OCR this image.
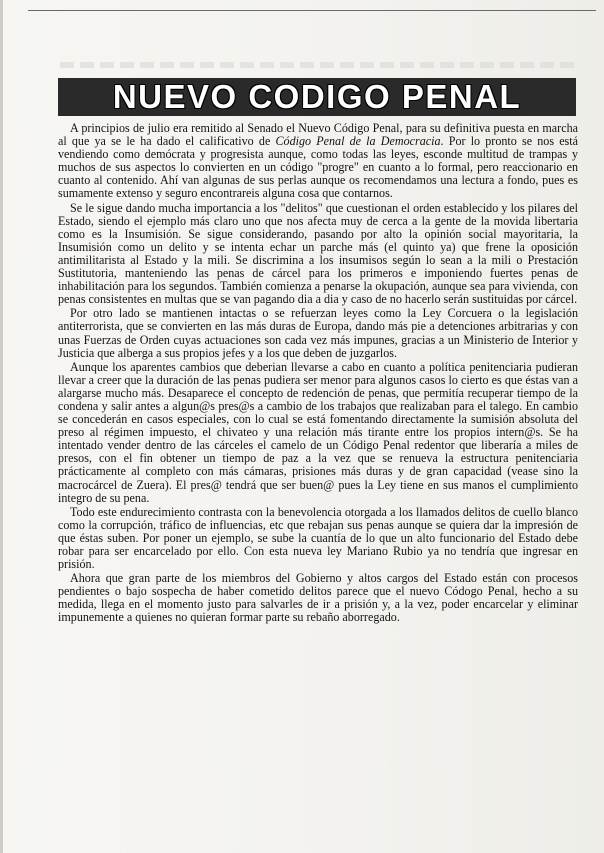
NUEVO CODIGO PENAL

A principios de julio era remitido al Senado el Nuevo Código Penal, para su definitiva puesta en marcha al que ya se le ha dado el calificativo de Código Penal de la Democracia. Por lo pronto se nos está vendiendo como demócrata y progresista aunque, como todas las leyes, esconde multitud de trampas y muchos de sus aspectos lo convierten en un código "progre" en cuanto a lo formal, pero reaccionario en cuanto al contenido. Ahí van algunas de sus perlas aunque os recomendamos una lectura a fondo, pues es sumamente extenso y seguro encontrareis alguna cosa que contarnos.

Se le sigue dando mucha importancia a los "delitos" que cuestionan el orden establecido y los pilares del Estado, siendo el ejemplo más claro uno que nos afecta muy de cerca a la gente de la movida libertaria como es la Insumisión. Se sigue considerando, pasando por alto la opinión social mayoritaria, la Insumisión como un delito y se intenta echar un parche más (el quinto ya) que frene la oposición antimilitarista al Estado y la mili. Se discrimina a los insumisos según lo sean a la mili o Prestación Sustitutoria, manteniendo las penas de cárcel para los primeros e imponiendo fuertes penas de inhabilitación para los segundos. También comienza a penarse la okupación, aunque sea para vivienda, con penas consistentes en multas que se van pagando dia a dia y caso de no hacerlo serán sustituidas por cárcel.

Por otro lado se mantienen intactas o se refuerzan leyes como la Ley Corcuera o la legislación antiterrorista, que se convierten en las más duras de Europa, dando más pie a detenciones arbitrarias y con unas Fuerzas de Orden cuyas actuaciones son cada vez más impunes, gracias a un Ministerio de Interior y Justicia que alberga a sus propios jefes y a los que deben de juzgarlos.

Aunque los aparentes cambios que deberian llevarse a cabo en cuanto a política penitenciaria pudieran llevar a creer que la duración de las penas pudiera ser menor para algunos casos lo cierto es que éstas van a alargarse mucho más. Desaparece el concepto de redención de penas, que permitía recuperar tiempo de la condena y salir antes a algun@s pres@s a cambio de los trabajos que realizaban para el talego. En cambio se concederán en casos especiales, con lo cual se está fomentando directamente la sumisión absoluta del preso al régimen impuesto, el chivateo y una relación más tirante entre los propios intern@s. Se ha intentado vender dentro de las cárceles el camelo de un Código Penal redentor que liberaría a miles de presos, con el fin obtener un tiempo de paz a la vez que se renueva la estructura penitenciaria prácticamente al completo con más cámaras, prisiones más duras y de gran capacidad (vease sino la macrocárcel de Zuera). El pres@ tendrá que ser buen@ pues la Ley tiene en sus manos el cumplimiento integro de su pena.

Todo este endurecimiento contrasta con la benevolencia otorgada a los llamados delitos de cuello blanco como la corrupción, tráfico de influencias, etc que rebajan sus penas aunque se quiera dar la impresión de que éstas suben. Por poner un ejemplo, se sube la cuantía de lo que un alto funcionario del Estado debe robar para ser encarcelado por ello. Con esta nueva ley Mariano Rubio ya no tendría que ingresar en prisión.

Ahora que gran parte de los miembros del Gobierno y altos cargos del Estado están con procesos pendientes o bajo sospecha de haber cometido delitos parece que el nuevo Códogo Penal, hecho a su medida, llega en el momento justo para salvarles de ir a prisión y, a la vez, poder encarcelar y eliminar impunemente a quienes no quieran formar parte su rebaño aborregado.
